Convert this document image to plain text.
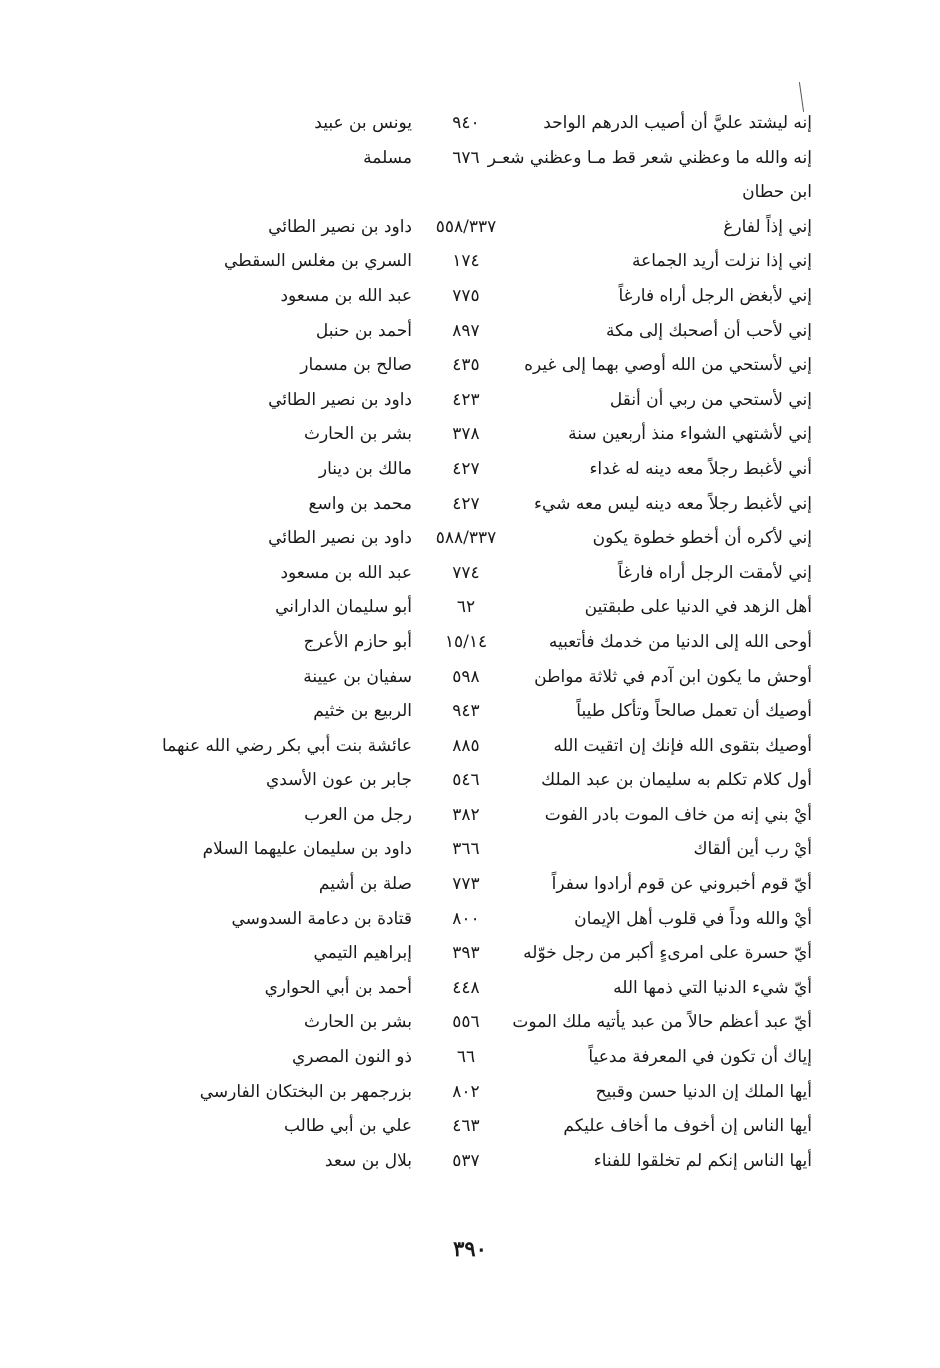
إنه ليشتد عليَّ أن أصيب الدرهم الواحد
٩٤٠
يونس بن عبيد
إنه والله ما وعظني شعر قط مـا وعظني شعـر
٦٧٦
مسلمة
ابن حطان
إني إذاً لفارغ
٥٥٨/٣٣٧
داود بن نصير الطائي
إني إذا نزلت أريد الجماعة
١٧٤
السري بن مغلس السقطي
إني لأبغض الرجل أراه فارغاً
٧٧٥
عبد الله بن مسعود
إني لأحب أن أصحبك إلى مكة
٨٩٧
أحمد بن حنبل
إني لأستحي من الله أوصي بهما إلى غيره
٤٣٥
صالح بن مسمار
إني لأستحي من ربي أن أنقل
٤٢٣
داود بن نصير الطائي
إني لأشتهي الشواء منذ أربعين سنة
٣٧٨
بشر بن الحارث
أني لأغبط رجلاً معه دينه له غداء
٤٢٧
مالك بن دينار
إني لأغبط رجلاً معه دينه ليس معه شيء
٤٢٧
محمد بن واسع
إني لأكره أن أخطو خطوة يكون
٥٨٨/٣٣٧
داود بن نصير الطائي
إني لأمقت الرجل أراه فارغاً
٧٧٤
عبد الله بن مسعود
أهل الزهد في الدنيا على طبقتين
٦٢
أبو سليمان الداراني
أوحى الله إلى الدنيا من خدمك فأتعبيه
١٥/١٤
أبو حازم الأعرج
أوحش ما يكون ابن آدم في ثلاثة مواطن
٥٩٨
سفيان بن عيينة
أوصيك أن تعمل صالحاً وتأكل طيباً
٩٤٣
الربيع بن خثيم
أوصيك بتقوى الله فإنك إن اتقيت الله
٨٨٥
عائشة بنت أبي بكر رضي الله عنهما
أول كلام تكلم به سليمان بن عبد الملك
٥٤٦
جابر بن عون الأسدي
أيْ بني إنه من خاف الموت بادر الفوت
٣٨٢
رجل من العرب
أيْ رب أين ألقاك
٣٦٦
داود بن سليمان عليهما السلام
أيّ قوم أخبروني عن قوم أرادوا سفراً
٧٧٣
صلة بن أشيم
أيْ والله وداً في قلوب أهل الإيمان
٨٠٠
قتادة بن دعامة السدوسي
أيّ حسرة على امرىءٍ أكبر من رجل خوّله
٣٩٣
إبراهيم التيمي
أيّ شيء الدنيا التي ذمها الله
٤٤٨
أحمد بن أبي الحواري
أيّ عبد أعظم حالاً من عبد يأتيه ملك الموت
٥٥٦
بشر بن الحارث
إياك أن تكون في المعرفة مدعياً
٦٦
ذو النون المصري
أيها الملك إن الدنيا حسن وقبيح
٨٠٢
بزرجمهر بن البختكان الفارسي
أيها الناس إن أخوف ما أخاف عليكم
٤٦٣
علي بن أبي طالب
أيها الناس إنكم لم تخلقوا للفناء
٥٣٧
بلال بن سعد
٣٩٠
